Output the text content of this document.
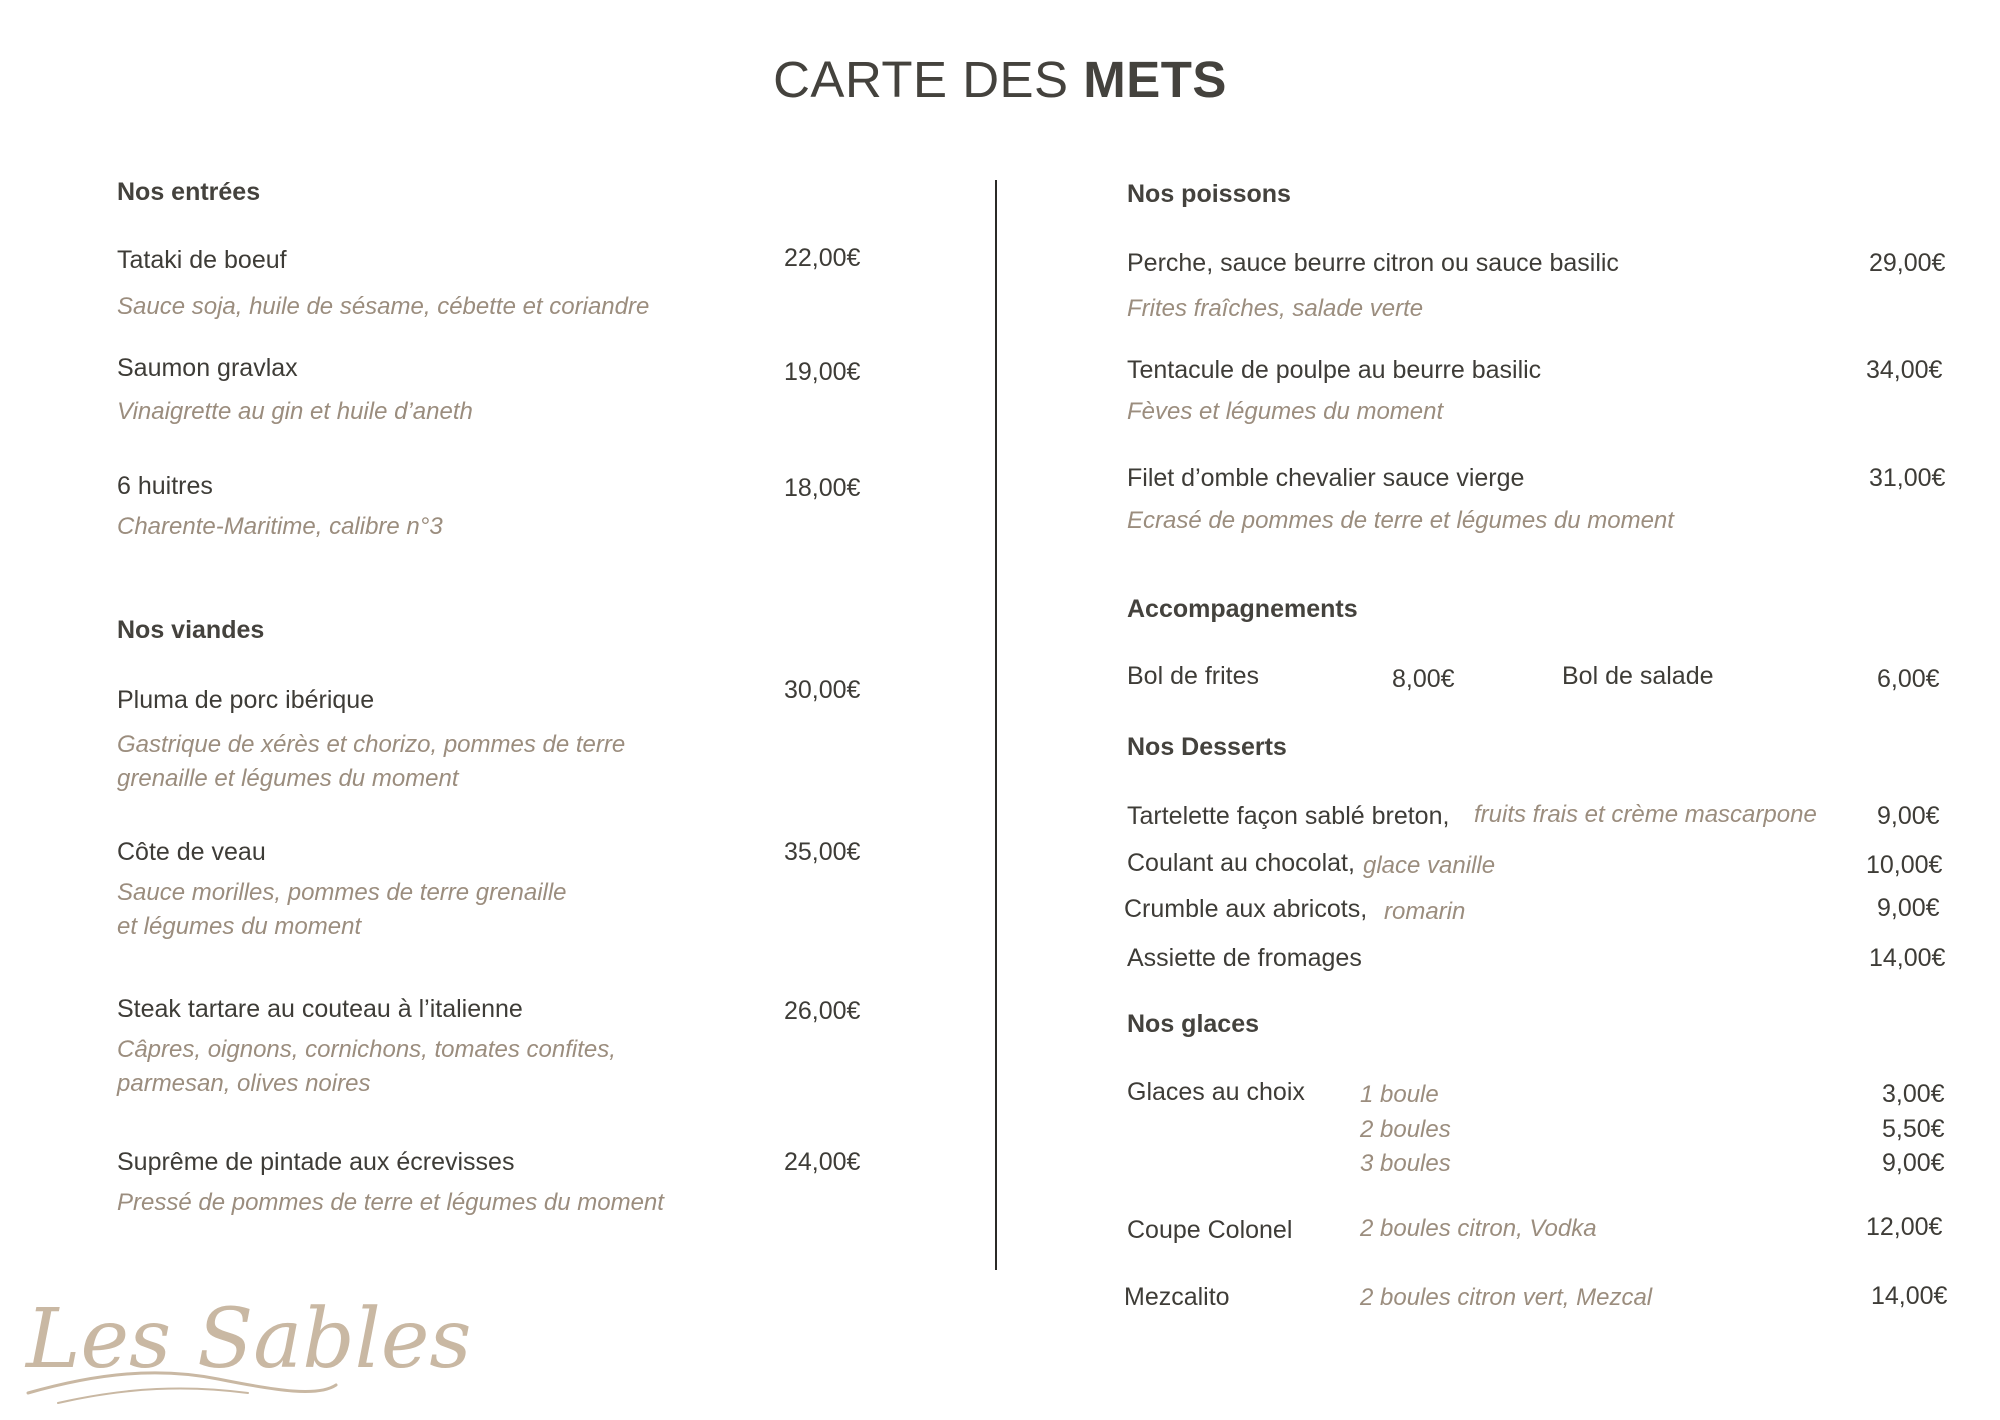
CARTE DES METS
Nos entrées
Tataki de boeuf	22,00€
Sauce soja, huile de sésame, cébette et coriandre
Saumon gravlax	19,00€
Vinaigrette au gin et huile d’aneth
6 huitres	18,00€
Charente-Maritime, calibre n°3
Nos viandes
Pluma de porc ibérique	30,00€
Gastrique de xérès et chorizo, pommes de terre
grenaille et légumes du moment
Côte de veau	35,00€
Sauce morilles, pommes de terre grenaille
et légumes du moment
Steak tartare au couteau à l’italienne	26,00€
Câpres, oignons, cornichons, tomates confites,
parmesan, olives noires
Suprême de pintade aux écrevisses	24,00€
Pressé de pommes de terre et légumes du moment
Nos poissons
Perche, sauce beurre citron ou sauce basilic	29,00€
Frites fraîches, salade verte
Tentacule de poulpe au beurre basilic	34,00€
Fèves et légumes du moment
Filet d’omble chevalier sauce vierge	31,00€
Ecrasé de pommes de terre et légumes du moment
Accompagnements
Bol de frites	8,00€	Bol de salade	6,00€
Nos Desserts
Tartelette façon sablé breton, fruits frais et crème mascarpone 9,00€
Coulant au chocolat, glace vanille	10,00€
Crumble aux abricots, romarin	9,00€
Assiette de fromages	14,00€
Nos glaces
Glaces au choix 1 boule	3,00€
2 boules	5,50€
3 boules	9,00€
Coupe Colonel	2 boules citron, Vodka	12,00€
Mezcalito	2 boules citron vert, Mezcal	14,00€
Les Sables
